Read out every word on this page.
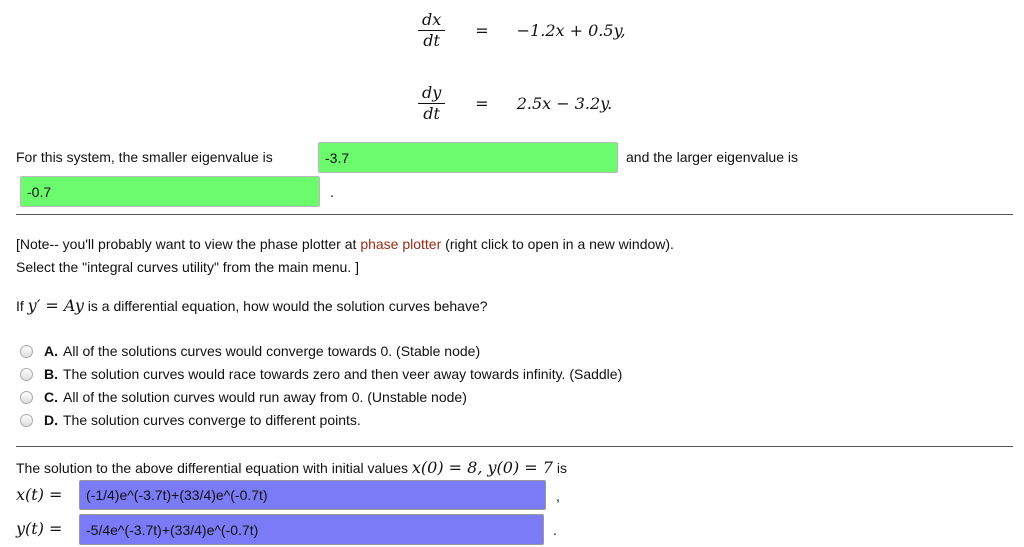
$\frac{dx}{dt} = -1.2x + 0.5y$,
$\frac{dy}{dt} = 2.5x - 3.2y$.
For this system, the smaller eigenvalue is	-3.7	and the larger eigenvalue is
-0.7	.
[Note-- you'll probably want to view the phase plotter at phase plotter (right click to open in a new window).
Select the "integral curves utility" from the main menu. ]
If y′ = Ay is a differential equation, how would the solution curves behave?
A. All of the solutions curves would converge towards 0. (Stable node)
B. The solution curves would race towards zero and then veer away towards infinity. (Saddle)
C. All of the solution curves would run away from 0. (Unstable node)
D. The solution curves converge to different points.
The solution to the above differential equation with initial values x(0) = 8, y(0) = 7 is
x(t) = (-1/4)e^(-3.7t)+(33/4)e^(-0.7t)	,
y(t) = -5/4e^(-3.7t)+(33/4)e^(-0.7t)	.
